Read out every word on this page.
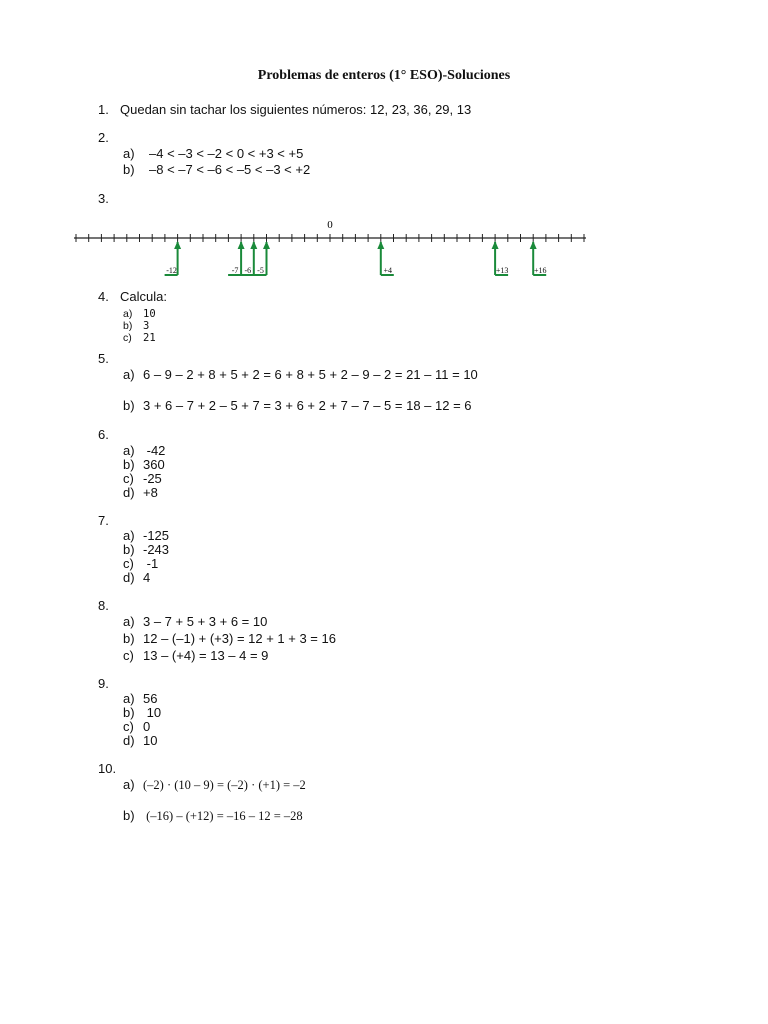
Problemas de enteros (1° ESO)-Soluciones
1. Quedan sin tachar los siguientes números: 12, 23, 36, 29, 13
2.
a) –4 < –3 < –2 < 0 < +3 < +5
b) –8 < –7 < –6 < –5 < –3 < +2
3.
0
-12	-7 -6 -5	+4	+13	+16
4. Calcula:
a) 10
b) 3
c) 21
5.
a) 6 – 9 – 2 + 8 + 5 + 2 = 6 + 8 + 5 + 2 – 9 – 2 = 21 – 11 = 10
b) 3 + 6 – 7 + 2 – 5 + 7 = 3 + 6 + 2 + 7 – 7 – 5 = 18 – 12 = 6
6.
a) -42
b) 360
c) -25
d) +8
7.
a) -125
b) -243
c) -1
d) 4
8.
a) 3 – 7 + 5 + 3 + 6 = 10
b) 12 – (–1) + (+3) = 12 + 1 + 3 = 16
c) 13 – (+4) = 13 – 4 = 9
9.
a) 56
b) 10
c) 0
d) 10
10.
a) (–2) · (10 – 9) = (–2) · (+1) = –2
b) (–16) – (+12) = –16 – 12 = –28
